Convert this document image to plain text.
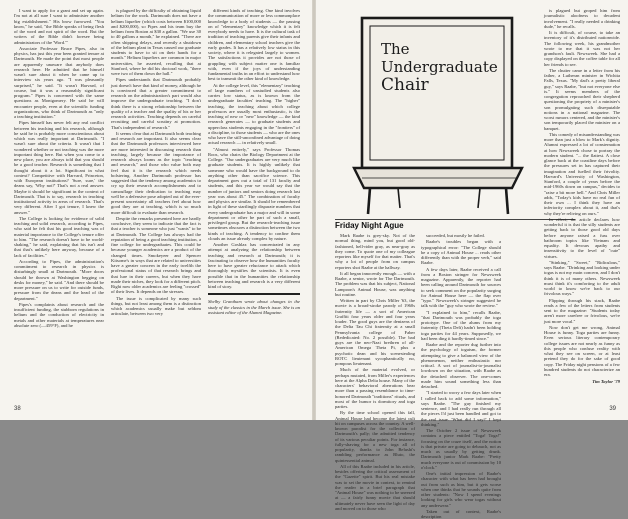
I want to apply for a grant and set up again. I'm not at all sure I want to administer another big establishment." His brow furrowed. "You know," he said, "the Bible speaks of being flesh of the word and not spirit of the word. But the writers of the Bible didn't foresee being administrators of the 'Word.'"

Associate Professor Bruce Pipes, also in physics, has just this year been granted tenure at Dartmouth. He made the point that most people are apparently unaware that anybody does research here. He admitted that he himself wasn't sure about it when he came up to interview six years ago. "I was pleasantly surprised," he said. "It wasn't Harvard, of course, but it was a reasonably significant program." Pipes is concerned with the same questions as Montgomery. He said he will encounter people, even at the scientific funding organizations, who think of Dartmouth as "only a teaching institution."

Pipes himself has never felt any real conflict between his teaching and his research, although he said he is probably more conscientious about which was really important at Dartmouth. "I wasn't sure about the criteria. It wasn't that I wondered whether or not teaching was the more important thing here. But when you come to a new place, you are always told that you should be a good teacher. Research is something that I thought about it a lot. Significant in what context? Competitive with Harvard, Princeton, with European institutions? 'Sure, sure,' the deans say, 'Why not?' That's not a real answer. Maybe it should be significant in the context of Dartmouth. That is to say, research in teaching institutional activity in areas of research. That's very different. After I got tenure, I knew the answer."

The College is looking for evidence of solid teaching and solid research, according to Pipes, who said he felt that his good teaching was of material importance to the College's tenure offer to him. "The research doesn't have to be world-shaking," he said, explaining that his isn't and that that's unlikely here anyway, because of a lack of facilities."

According to Pipes, the administration's commitment to research in physics is disturbingly small at Dartmouth. "More doors should be thrown at Washington begging on desks for money," he said. "And there should be more pressure on us to write for outside funds, pressure from the deans and the head of the department."

Pipes's complaints about research and the insufficient funding, the stubborn regulations in helium and the conduction of electricity in metals and other materials at temperatures near absolute zero (—459°F), and he

is plagued by the difficulty of obtaining liquid helium for the work. Dartmouth does not have a helium liquefier (which costs between $100,000 and $200,000), so Pipes and his team buy the helium from Boston at $30 a gallon. "We use 30 to 40 gallons a month," he explained. "There are often shipping delays, and recently a shutdown of the helium plant in Texas caused our graduate students to have to sit on their hands for a month." Helium liquefiers are common in major universities, he asserted, recalling that at Stanford, where he did his doctoral work, "there were two of them down the hall."

Pipes understands that Dartmouth probably just doesn't have that kind of money, although he is convinced that a greater commitment to research on the administration's part would also improve the undergraduate teaching. "I don't think there is a strong relationship between the quality of a teacher and the quality of his or her research activities. Teaching depends on careful recruiting and careful scrutiny at promotion. That's independent of research."

It seems clear that at Dartmouth both teaching and research are important. It also seems clear that the Dartmouth professors interviewed here are more interested in discussing research than teaching, largely because the importance of research always looms as the topic "teaching and research," and those who value both may feel that it is the research which needs bolstering. Another Dartmouth professor has suggested that the tendency among academics to cry up their research accomplishments and to camouflage their dedication to teaching may well be a defensive pose adopted out of the ever-present uncertainty all teachers feel about how good they are at teaching, which is so much more difficult to evaluate than research.

Despite the remarks presented here are hardly conclusive, they seem to indicate that the fact is that a teacher is someone who just "wants" to be at Dartmouth. The College has always had the reputation of being a good teaching institution, a fine college for undergraduates. This could be because younger academics are a product of the changed times. Smokeyeer and Spencer Kitsome's in ways that are related to universities have a greater concern in the early twelfth the professional status of that research brings and that lure in their careers, but when they have made their niches, they look for a different pitch. Right now older academics are feeling "crossed" of their lives. It depends on the stresses.

The issue is complicated by many such things, but not least among them is a distinction which academics usually make but seldom articulate, between two very

different kinds of teaching. One kind involves the communication of more or less commonplace knowledge to a body of students — the passing on of "elementary" knowledge which it is felt everybody needs to have. It is the cultural task of tradition of teaching parents give their infants and children, and elementary school teachers give the early grades. It has a relatively low status in this society, where it is relegated largely to women. The satisfactions it provides are not those of grappling with subject matter one is familiar with, even if the joys of understanding fundamental truths in an effort to understand how best to transmit the other kind of knowledge.

At the college level, this "elementary" teaching of large numbers of unstudied students also carries low status, as is known from the undergraduate faculties' teaching. The "higher" teaching, the teaching about which college professors are usually most enthusiastic, is the teaching of new or "new" knowledge — the kind research generates — to graduate students and upperclass students engaging in the "frontiers" of a discipline, to those students — who are the ones who have the still-unconfined advantage of doing actual research — in relatively small.

"Almost entirely," says Professor Thomas Roos, who chairs the Biology Department at the College. "Our undergraduates are very much like graduate students. It is highly unlikely that someone who would have the background to do anything other than sacrifice science. This department goes out a total of 131 faculty and students, and this year we would say that the number of juniors and seniors doing research last year was about 45." The combination of faculty and physics are similar. It should be remembered in light of these startlingly disparate numbers that every undergraduate has a major and will in some department or other be part of such a small, privileged group. But the research-teaching issue sometimes obscures a distinction between the two kinds of teaching. A tendency to confine them clouds an issue already complex by nature.

Another Goshlax has concentrated in any attempt at analyzing the relationship between teaching and research at Dartmouth; it is fascinating to observe how the humanities faculty here to have greater reluctance to attack which thoroughly mystifies the scientists. It is even possible that in the humanities the relationship between teaching and research is a very different kind of story.

Shelby Grantham wrote about changes in the study of the classics in the March issue. She is an assistant editor of the Alumni Magazine.
38	39
The
Undergraduate
Chair
Friday Night Ague

Mark Raabe is grey-sky. Not of the normal thing, mind you, but good old-fashioned, hell-rider gray, as near-gray as they come. To quote one of my colleague reporters like myself for that matter. That's why a lot of people from on campus reporters shot Raabe at the hallway.

It all began innocently enough — with a Raabe, a senior, wrote for The Dartmouth. The problem was that his subject, National Lampoon's Animal House, was anything but routine.

Written in part by Chris Miller '63, the movie is a broad-stroke parody of 1960s fraternity life — a sort of American Graffiti four years older and four years louder. The good guys are the denizens of the Delta Tau Chi fraternity at a small Pennsylvania college of Faber (Rededicated: No. 2 possible). The bad guys are the neo-Nazi brethren of all-American Omega Theta Pi, plus a psychotic dean and his scenestealing ROTC lieutenant sycophantically no, pompous lieutenant.

Much of the material evolved, or perhaps mutated, from Miller's experiences here at the Alpha Delta house. Many of the characters' behavioral aberrations bear more than a passing resemblance to time-honored Dartmouth "traditions" rituals, and most of the humor is dormitory and toga parties.

By the time school opened this fall, Animal House had become the latest cult hit on campuses across the country. A well-known parodist for the collection of Dartmouth's pally; the admitted tendency of its various peculiar points. For instance, fully-shaving for a new toga all of popularity, thanks to John Belushi's rambling performance as Bluto, the quintessential animal.

All of this Raabe included in his article, besides offering the critical assessment of the "Gazette" spirit. But his real mistake was to set the movie in context, to remind the reader in a brief paragraph that "Animal House" was nothing to be sneezed at — a fairly funny movie that should ultimately never have seen the light of day and moved on to those who

succeeded, but mostly he failed.

Raabe's troubles began with a typographical error: "The College should be a copy of Animal House ... reads other differently than with the proper verb," said Raabe.

A few days later, Raabe received a call from a Boston stringer for Newsweek magazine. Apparently, the reporter had been calling around Dartmouth for sources to seek comment on the popularity surging for Animal House here — the flap over "typo." Newsweek's stringer suggested he talk with the "guy who wrote the review."

"I explained to him," recalls Raabe, "that Dartmouth was probably the toga prototype. One of the alums from my fraternity (Theta Delt) hadn't been holding toga parties for 44 years. Supposedly, we had been ding it hardly-timed since."

Raabe and the reporter dug further into the psychology of togaism, the former attempting to give a balanced view of the phenomenon, neither enthusiastic nor critical. A sort of journalist-to-journalist lowdown on the situation, with Raabe as the detached observer. The one-comes made him sound something less than detached.

"I started to worry a few days later when I called back to add some information," says Raabe. "The guy finished my sentence, and I had really run through all the pieces I'd just been handled and got to the real issue. 'What did I say?' I kept thinking."

The October 2 issue of Newsweek contains a piece entitled "Toga! Toga!" focusing on the craze itself, and the notion is that private are going to debauch, not as much as usually by getting drunk. Dartmouth junior Mark Raabe: "Pretty much everyone is out of commission by 10 o'clock."

One's initial impression of Raabe's character with what has been had brought out from such as him, but it gets worse when one thinks that he sounds quite from other students: "Now I spend evenings looking for girls who wear togas without any underwear."

Taken out of context, Raabe's description

is plagued but groped him from journalistic aloofness to decadent involvement. "I really needed a drinking dude," he recalls.

It is difficult, of course, to take an inventory of it's distributed nationwide. The following week, his grandmother wrote to me that it was not her grandson's fault. Newsweek. She had a copy displayed on the coffee table for all her friends to see.

The chutter came in a letter from his father, a Lutheran minister in Wichita Falls, Texas. "My dad's a pretty liberal guy," says Raabe, "but not everyone else is." It seems members of the congregation reproached their shepherd questioning the propriety of a minister's son promulgating such disreputable notions in a national magazine. The worst rumors centered, and the minister's son temporarily placed the minister on a banquet.

This comedy of misunderstanding was more than just a blow to Mark's dignity. Alumni expressed a lot of consternation at how Newsweek chose to portray the modern student. "... the flattest. A close glance back at the coastline days before the pressures set in has captured their imagination and fuelled their frivolity. Harvard's University of Washington, Stanford, a couple of years before the mid-1960s down on campus," decides to "raise a bit more hell." And Chris Miller adds, "Today's kids have no real fun of their own ... I think they have an inferiority complex about it, and that's why they're reliving on ours."

In effect, the article declares how wonderful it is that the silly students are getting back to those good old days before anyone raised a fuss over bathroom topics like Vietnam and equality. It devours apathy and insensitivity to the level of "cute" virtues.

"Stinking," "Sweet," "Ridiculous," says Raabe. "Drinking and looking under togas is not my main concern, and I don't think it is of many others. Newsweek must think it's comforting to the adult world to know we're back to our frivolous ways."

Flipping through his stack, Raabe reads a few of the letters from students sent to the magazine: "Students today aren't more carefree or frivolous, we're just more vocal."

Now don't get me wrong, Animal House is funny. Toga parties are funny. Even serious literary contemporary college issues are not nearly as funny as this people who confuse reality with what they see on screen, or at least pretend they do for the sake of good copy. The Friday night pensions of a few hundred students do not characterize an era.

Tim Taylor '79
